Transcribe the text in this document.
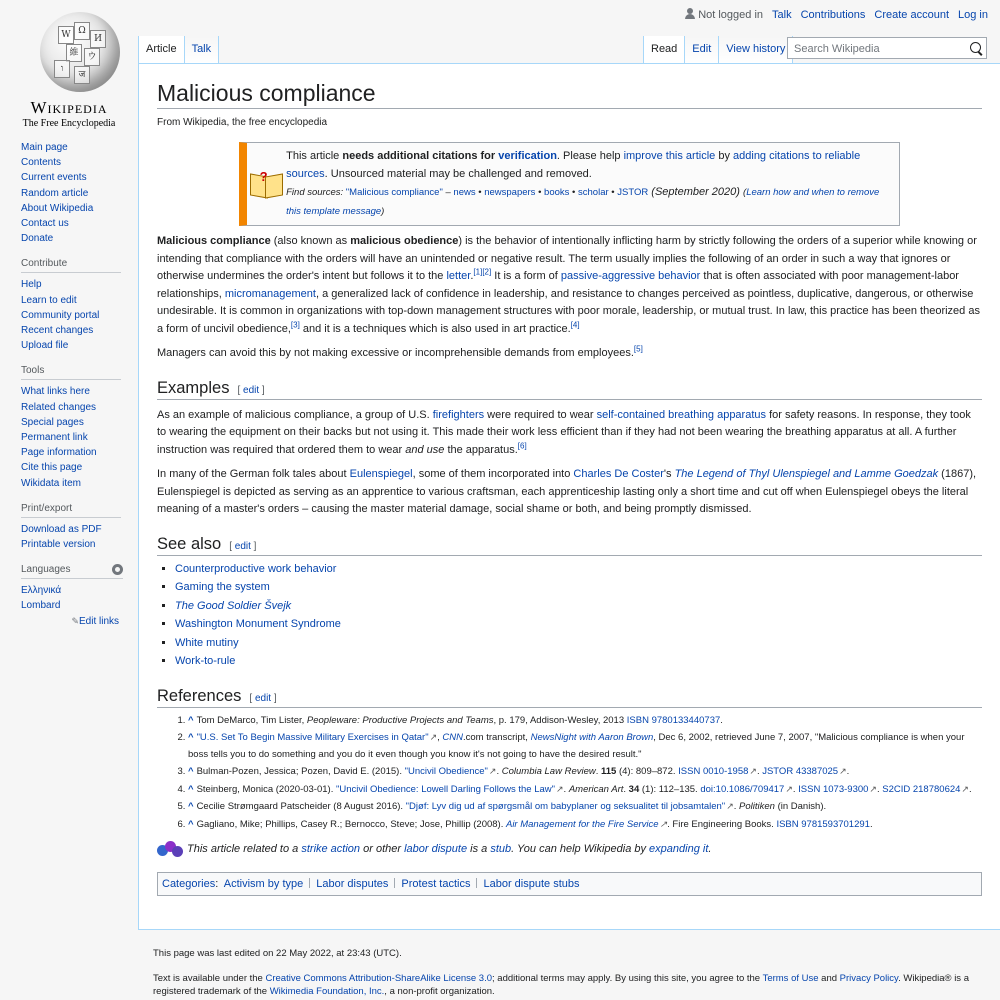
W Ω
И
維 ウ
ו
ज
Wikipedia
The Free Encyclopedia
Not logged in Talk Contributions Create account Log in
Article	Talk	Read	Edit	View history
Search Wikipedia
Main page
Contents
Current events
Random article
About Wikipedia
Contact us
Donate
Contribute
Help
Learn to edit
Community portal
Recent changes
Upload file
Tools
What links here
Related changes
Special pages
Permanent link
Page information
Cite this page
Wikidata item
Print/export
Download as PDF
Printable version
Languages
Ελληνικά
Lombard
✎Edit links
Malicious compliance
From Wikipedia, the free encyclopedia
?
This article needs additional citations for verification. Please help improve this article by adding citations to reliable sources. Unsourced material may be challenged and removed.
Find sources: "Malicious compliance" – news • newspapers • books • scholar • JSTOR (September 2020) (Learn how and when to remove this template message)

Malicious compliance (also known as malicious obedience) is the behavior of intentionally inflicting harm by strictly following the orders of a superior while knowing or intending that compliance with the orders will have an unintended or negative result. The term usually implies the following of an order in such a way that ignores or otherwise undermines the order's intent but follows it to the letter.[1][2] It is a form of passive-aggressive behavior that is often associated with poor management-labor relationships, micromanagement, a generalized lack of confidence in leadership, and resistance to changes perceived as pointless, duplicative, dangerous, or otherwise undesirable. It is common in organizations with top-down management structures with poor morale, leadership, or mutual trust. In law, this practice has been theorized as a form of uncivil obedience,[3] and it is a techniques which is also used in art practice.[4]

Managers can avoid this by not making excessive or incomprehensible demands from employees.[5]

Examples [ edit ]

As an example of malicious compliance, a group of U.S. firefighters were required to wear self-contained breathing apparatus for safety reasons. In response, they took to wearing the equipment on their backs but not using it. This made their work less efficient than if they had not been wearing the breathing apparatus at all. A further instruction was required that ordered them to wear and use the apparatus.[6]

In many of the German folk tales about Eulenspiegel, some of them incorporated into Charles De Coster's The Legend of Thyl Ulenspiegel and Lamme Goedzak (1867), Eulenspiegel is depicted as serving as an apprentice to various craftsman, each apprenticeship lasting only a short time and cut off when Eulenspiegel obeys the literal meaning of a master's orders – causing the master material damage, social shame or both, and being promptly dismissed.

See also [ edit ]
▪ Counterproductive work behavior
▪ Gaming the system
▪ The Good Soldier Švejk
▪ Washington Monument Syndrome
▪ White mutiny
▪ Work-to-rule
References [ edit ]
1. ^ Tom DeMarco, Tim Lister, Peopleware: Productive Projects and Teams, p. 179, Addison-Wesley, 2013 ISBN 9780133440737.
2. ^ "U.S. Set To Begin Massive Military Exercises in Qatar" ↗ , CNN.com transcript, NewsNight with Aaron Brown, Dec 6, 2002, retrieved June 7, 2007, "Malicious compliance is when your boss tells you to do something and you do it even though you know it's not going to have the desired result."
3. ^ Bulman-Pozen, Jessica; Pozen, David E. (2015). "Uncivil Obedience" ↗ . Columbia Law Review. 115 (4): 809–872. ISSN 0010-1958 ↗ . JSTOR 43387025 ↗ .
4. ^ Steinberg, Monica (2020-03-01). "Uncivil Obedience: Lowell Darling Follows the Law" ↗ . American Art. 34 (1): 112–135. doi:10.1086/709417 ↗ . ISSN 1073-9300 ↗ . S2CID 218780624 ↗ .
5. ^ Cecilie Strømgaard Patscheider (8 August 2016). "Djøf: Lyv dig ud af spørgsmål om babyplaner og seksualitet til jobsamtalen" ↗ . Politiken (in Danish).
6. ^ Gagliano, Mike; Phillips, Casey R.; Bernocco, Steve; Jose, Phillip (2008). Air Management for the Fire Service ↗ . Fire Engineering Books. ISBN 9781593701291.
This article related to a
strike action
or other
labor dispute
is a
stub . You can help Wikipedia by
expanding it .
Categories:  Activism by type Labor disputes Protest tactics Labor dispute stubs
This page was last edited on 22 May 2022, at 23:43 (UTC).
Text is available under the Creative Commons Attribution-ShareAlike License 3.0; additional terms may apply. By using this site, you agree to the Terms of Use and Privacy Policy. Wikipedia® is a registered trademark of the Wikimedia Foundation, Inc., a non-profit organization.
